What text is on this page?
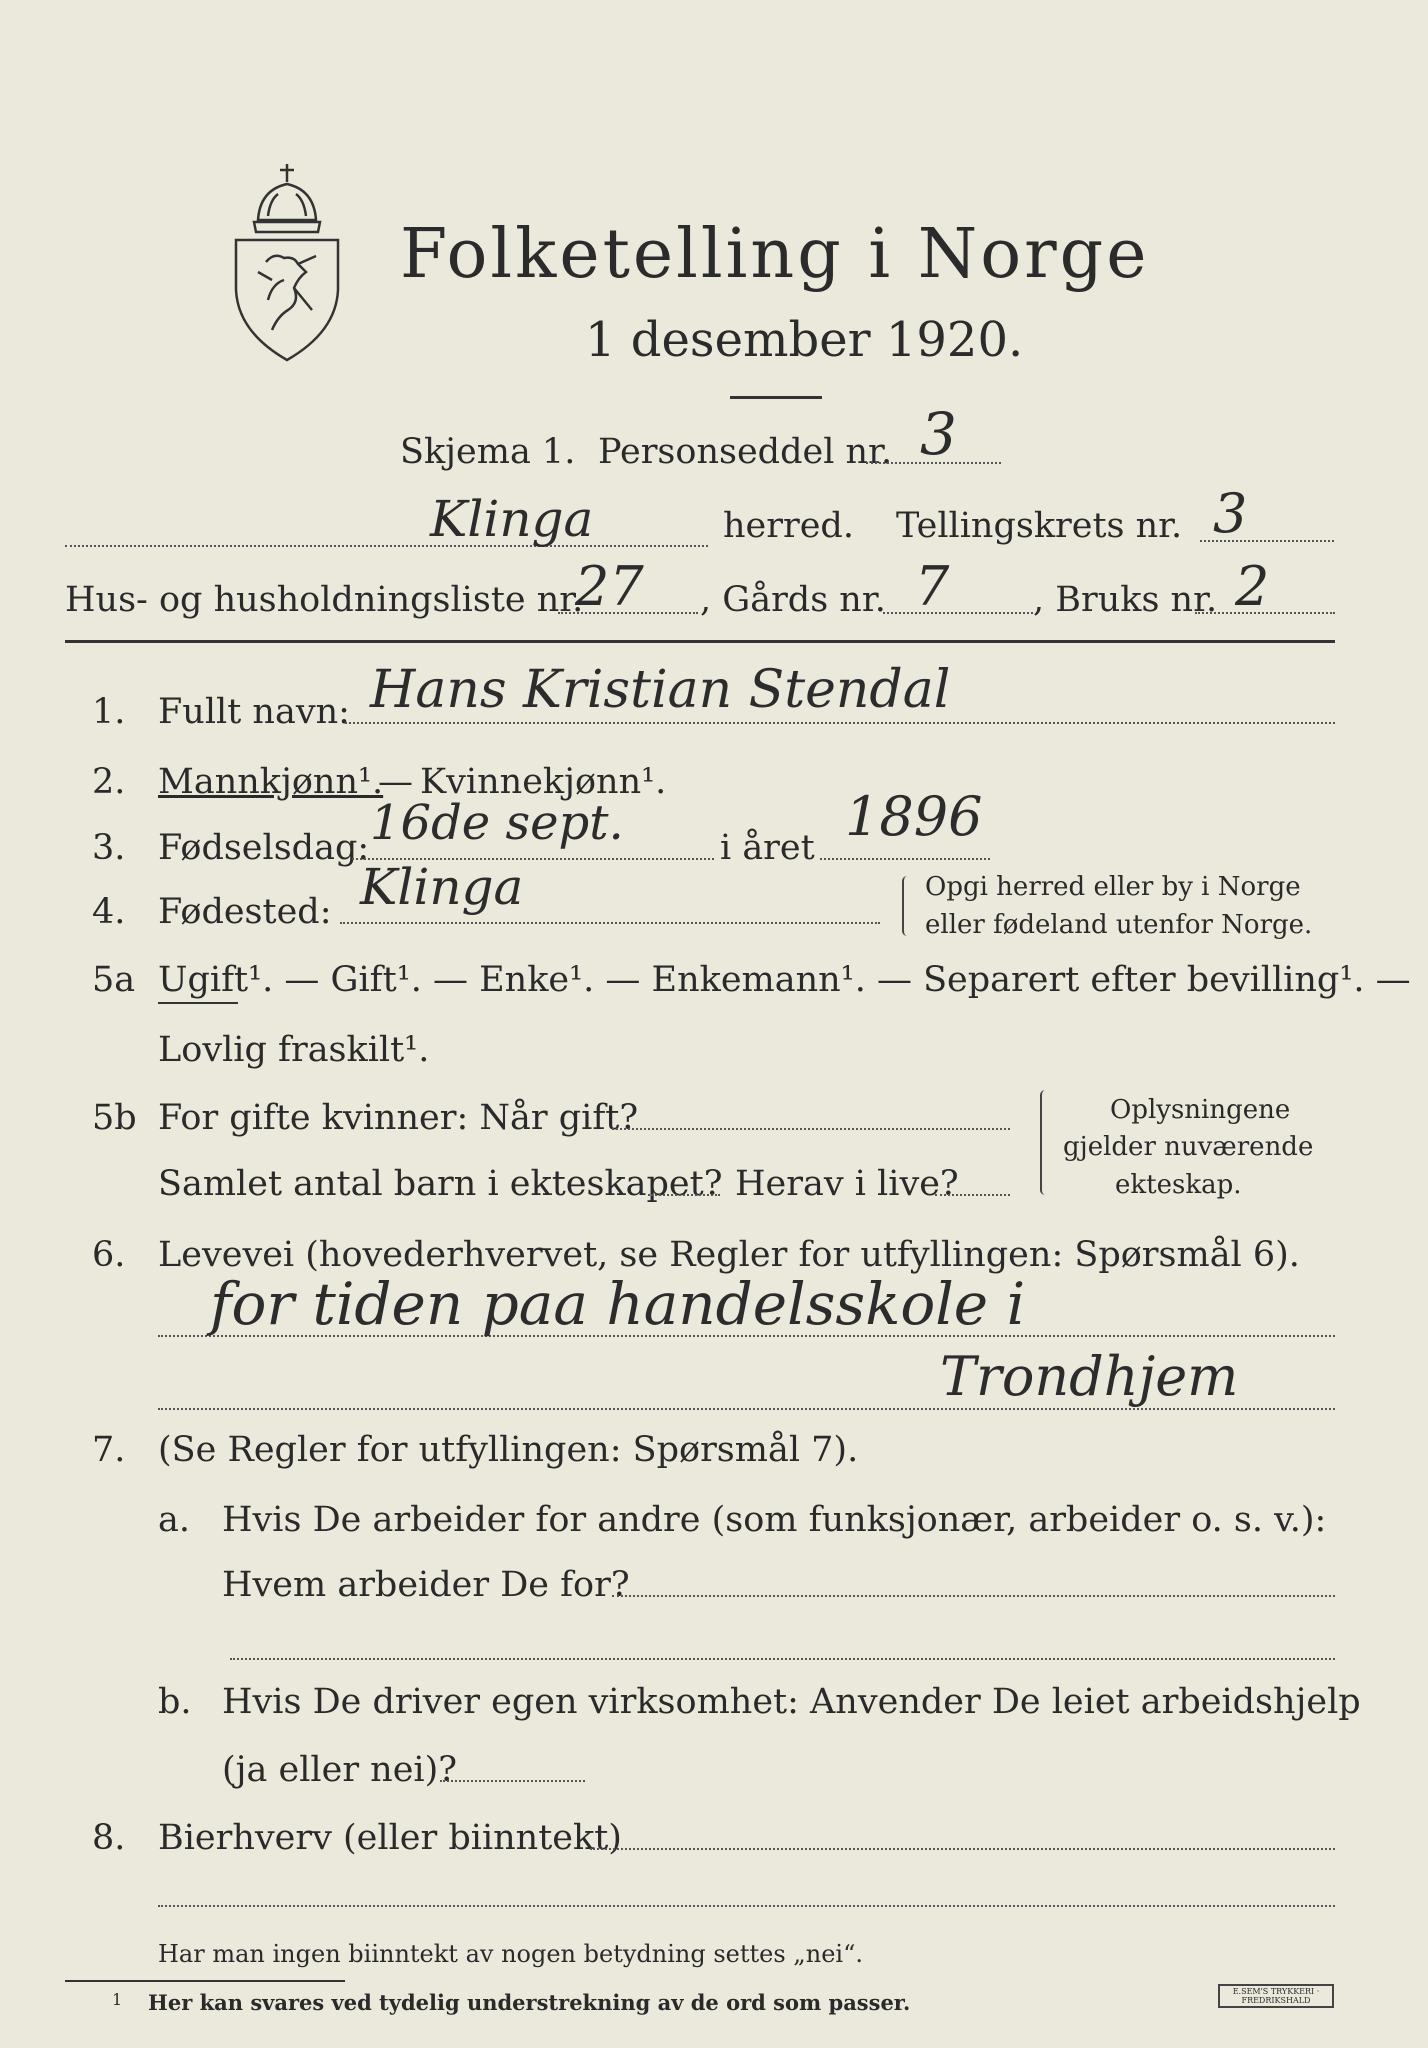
Folketelling i Norge
1 desember 1920.
Skjema 1. Personseddel nr. 3
Klinga	herred. Tellingskrets nr. 3
Hus- og husholdningsliste nr.
27 , Gårds nr. 7 , Bruks nr. 2
1. Fullt navn: Hans Kristian Stendal
2. Mannkjønn¹.
— Kvinnekjønn¹.
3. Fødselsdag: 16de sept.	i året 1896
4. Fødested: Klinga	Opgi herred eller by i Norge
eller fødeland utenfor Norge.
5a Ugift¹. — Gift¹. — Enke¹. — Enkemann¹. — Separert efter bevilling¹. —
Lovlig fraskilt¹.
5b For gifte kvinner: Når gift?
Samlet antal barn i ekteskapet? Herav i live?
Oplysningene
gjelder nuværende
ekteskap.
6. Levevei (hovederhvervet, se Regler for utfyllingen: Spørsmål 6).
for tiden paa handelsskole i
Trondhjem
7. (Se Regler for utfyllingen: Spørsmål 7).
a. Hvis De arbeider for andre (som funksjonær, arbeider o. s. v.):
Hvem arbeider De for?
b. Hvis De driver egen virksomhet: Anvender De leiet arbeidshjelp
(ja eller nei)?
8. Bierhverv (eller biinntekt)
Har man ingen biinntekt av nogen betydning settes „nei“.
1 Her kan svares ved tydelig understrekning av de ord som passer.	E.SEM'S TRYKKERI · FREDRIKSHALD
